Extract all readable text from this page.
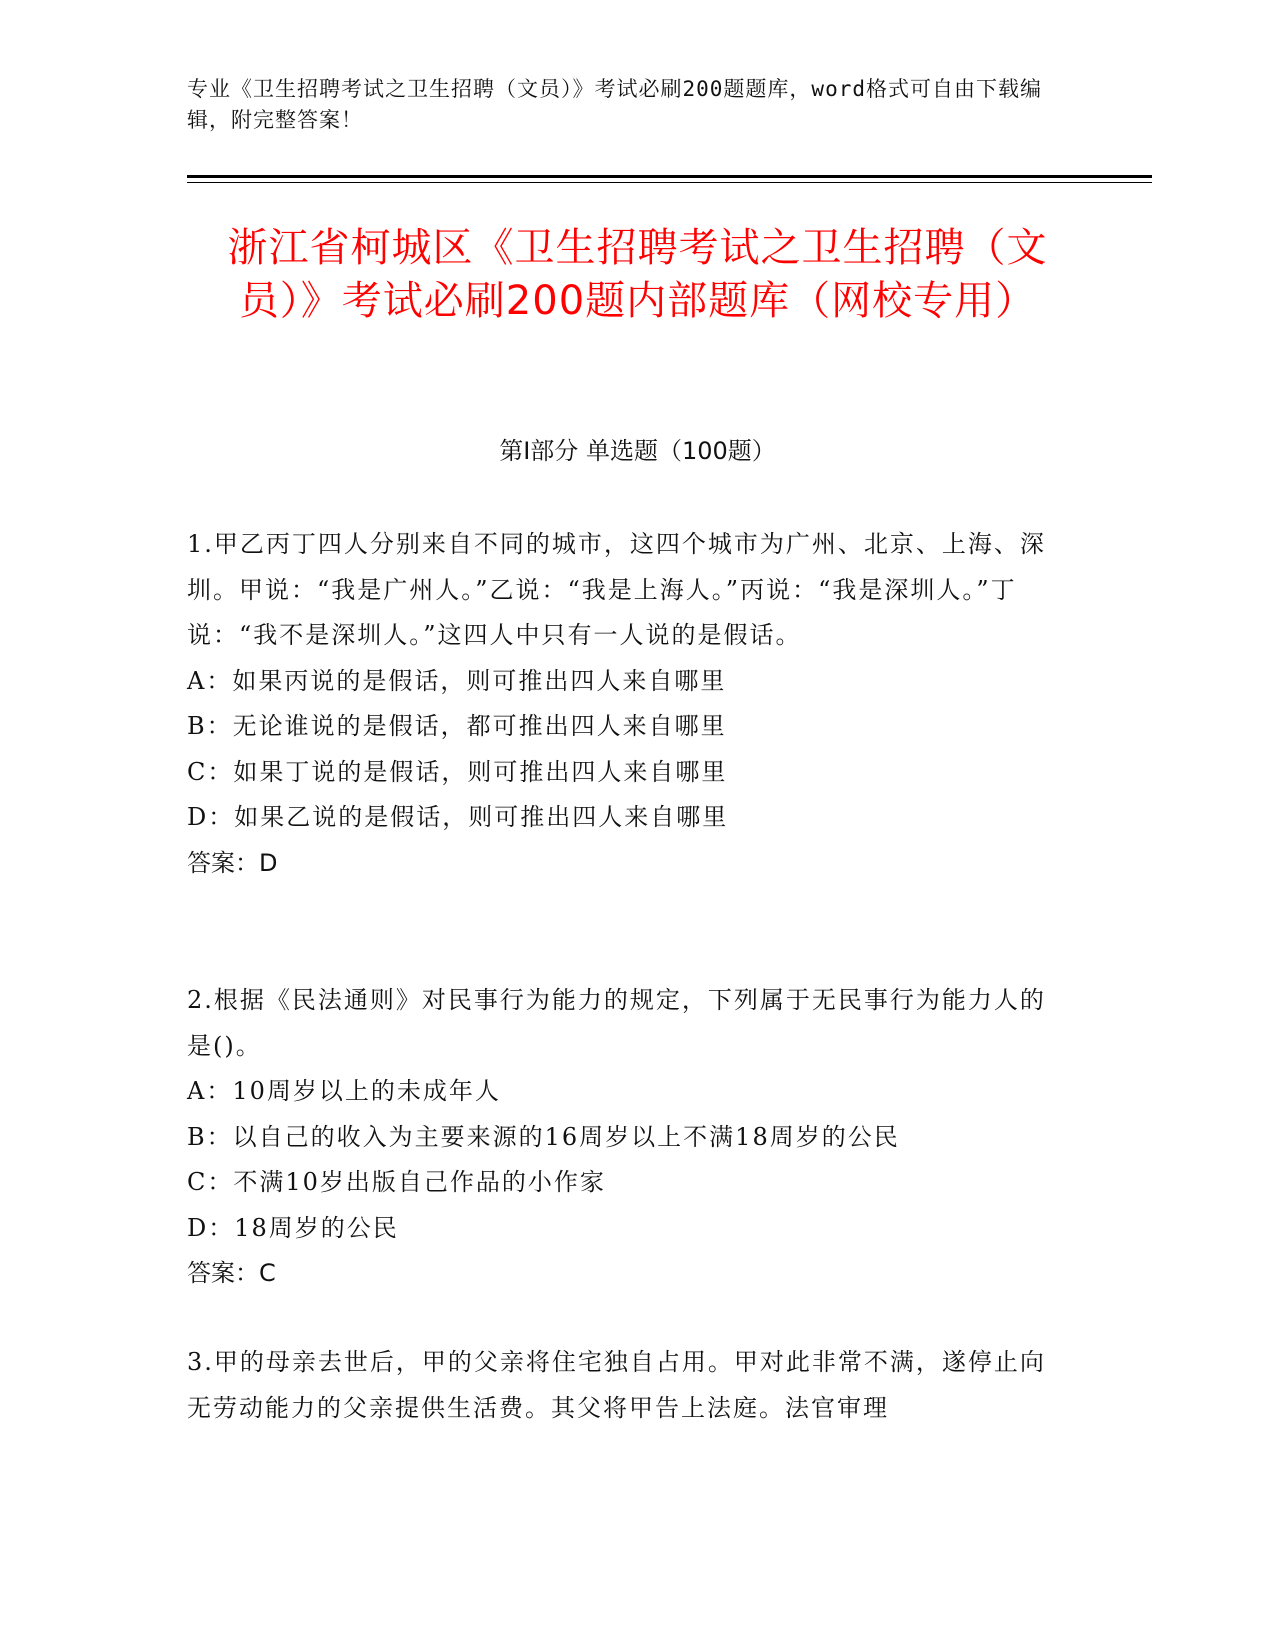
专业《卫生招聘考试之卫生招聘（文员）》考试必刷200题题库，word格式可自由下载编辑，附完整答案！
浙江省柯城区《卫生招聘考试之卫生招聘（文员）》考试必刷200题内部题库（网校专用）
第I部分 单选题（100题）
1.甲乙丙丁四人分别来自不同的城市，这四个城市为广州、北京、上海、深圳。甲说：“我是广州人。”乙说：“我是上海人。”丙说：“我是深圳人。”丁说：“我不是深圳人。”这四人中只有一人说的是假话。
A：如果丙说的是假话，则可推出四人来自哪里
B：无论谁说的是假话，都可推出四人来自哪里
C：如果丁说的是假话，则可推出四人来自哪里
D：如果乙说的是假话，则可推出四人来自哪里
答案：D
2.根据《民法通则》对民事行为能力的规定，下列属于无民事行为能力人的是()。
A：10周岁以上的未成年人
B：以自己的收入为主要来源的16周岁以上不满18周岁的公民
C：不满10岁出版自己作品的小作家
D：18周岁的公民
答案：C
3.甲的母亲去世后，甲的父亲将住宅独自占用。甲对此非常不满，遂停止向无劳动能力的父亲提供生活费。其父将甲告上法庭。法官审理
